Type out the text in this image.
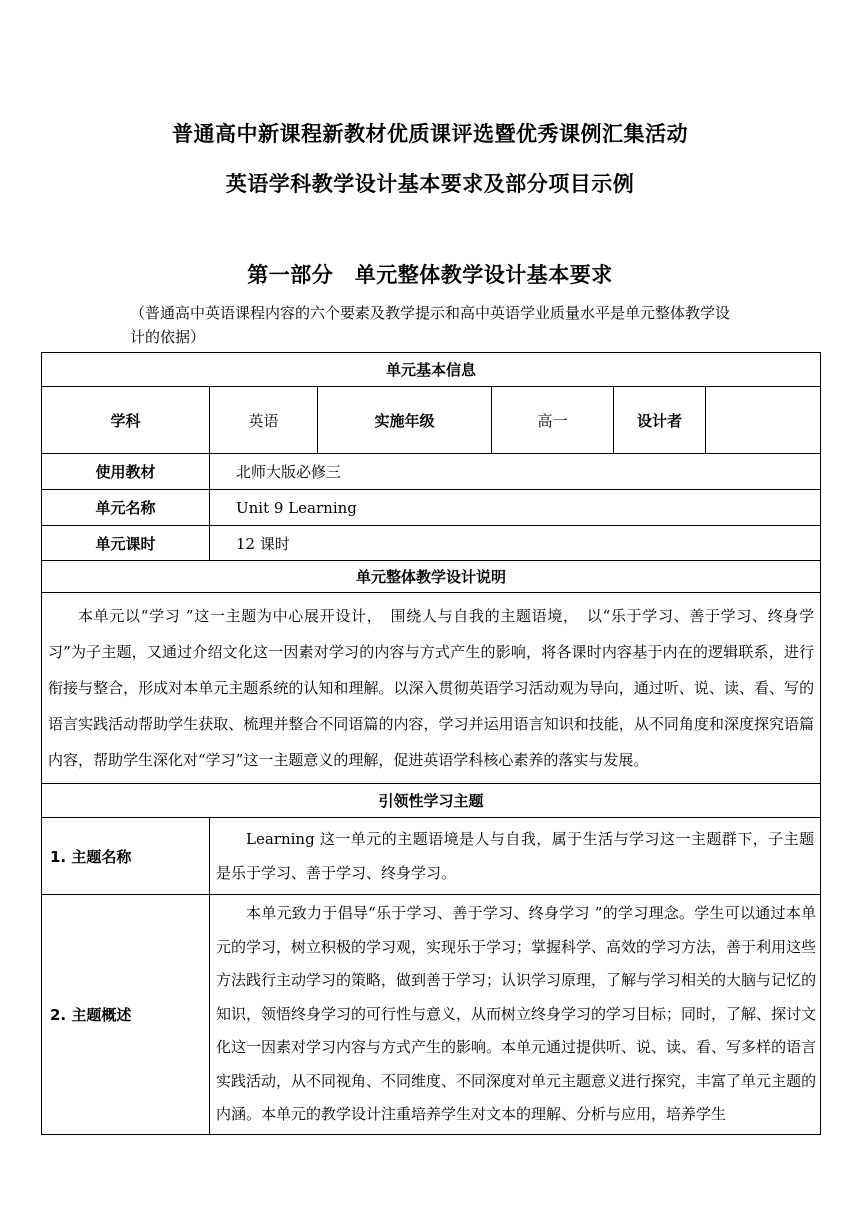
普通高中新课程新教材优质课评选暨优秀课例汇集活动
英语学科教学设计基本要求及部分项目示例
第一部分　单元整体教学设计基本要求
（普通高中英语课程内容的六个要素及教学提示和高中英语学业质量水平是单元整体教学设计的依据）
单元基本信息					
学科	英语	实施年级	高一	设计者	
使用教材	北师大版必修三				
单元名称	Unit 9 Learning				
单元课时	12 课时				
单元整体教学设计说明					
本单元以“学习 ”这一主题为中心展开设计，　围绕人与自我的主题语境，　以“乐于学习、善于学习、终身学习”为子主题，又通过介绍文化这一因素对学习的内容与方式产生的影响，将各课时内容基于内在的逻辑联系，进行衔接与整合，形成对本单元主题系统的认知和理解。以深入贯彻英语学习活动观为导向，通过听、说、读、看、写的语言实践活动帮助学生获取、梳理并整合不同语篇的内容，学习并运用语言知识和技能，从不同角度和深度探究语篇内容，帮助学生深化对“学习”这一主题意义的理解，促进英语学科核心素养的落实与发展。					
引领性学习主题					
1. 主题名称	Learning 这一单元的主题语境是人与自我，属于生活与学习这一主题群下，子主题是乐于学习、善于学习、终身学习。				
2. 主题概述	本单元致力于倡导“乐于学习、善于学习、终身学习 ”的学习理念。学生可以通过本单元的学习，树立积极的学习观，实现乐于学习；掌握科学、高效的学习方法，善于利用这些方法践行主动学习的策略，做到善于学习；认识学习原理，了解与学习相关的大脑与记忆的知识，领悟终身学习的可行性与意义，从而树立终身学习的学习目标；同时，了解、探讨文化这一因素对学习内容与方式产生的影响。本单元通过提供听、说、读、看、写多样的语言实践活动，从不同视角、不同维度、不同深度对单元主题意义进行探究，丰富了单元主题的内涵。本单元的教学设计注重培养学生对文本的理解、分析与应用，培养学生				
